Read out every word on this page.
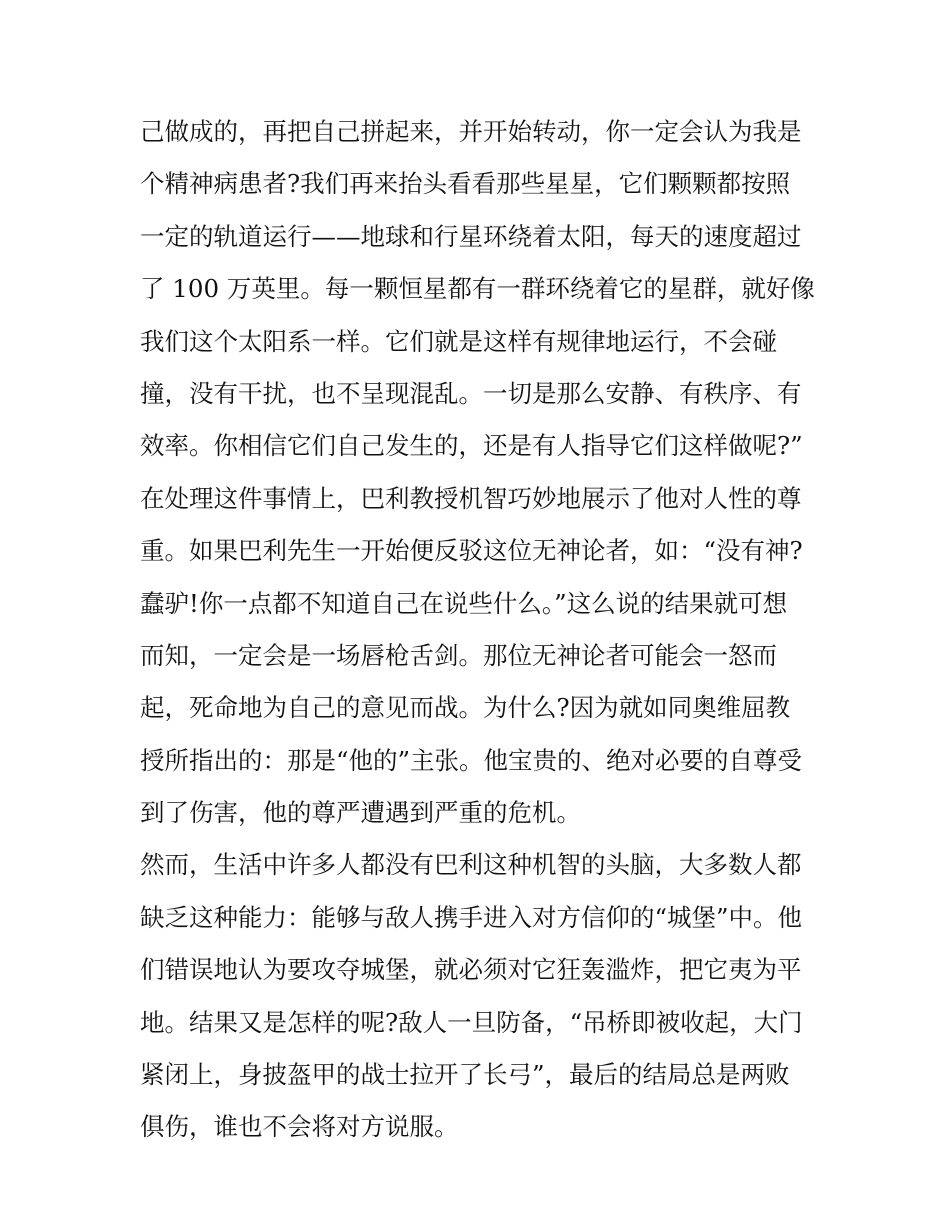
己做成的，再把自己拼起来，并开始转动，你一定会认为我是
个精神病患者?我们再来抬头看看那些星星，它们颗颗都按照
一定的轨道运行——地球和行星环绕着太阳，每天的速度超过
了 100 万英里。每一颗恒星都有一群环绕着它的星群，就好像
我们这个太阳系一样。它们就是这样有规律地运行，不会碰
撞，没有干扰，也不呈现混乱。一切是那么安静、有秩序、有
效率。你相信它们自己发生的，还是有人指导它们这样做呢?”
在处理这件事情上，巴利教授机智巧妙地展示了他对人性的尊
重。如果巴利先生一开始便反驳这位无神论者，如：“没有神?
蠢驴!你一点都不知道自己在说些什么。”这么说的结果就可想
而知，一定会是一场唇枪舌剑。那位无神论者可能会一怒而
起，死命地为自己的意见而战。为什么?因为就如同奥维屈教
授所指出的：那是“他的”主张。他宝贵的、绝对必要的自尊受
到了伤害，他的尊严遭遇到严重的危机。
然而，生活中许多人都没有巴利这种机智的头脑，大多数人都
缺乏这种能力：能够与敌人携手进入对方信仰的“城堡”中。他
们错误地认为要攻夺城堡，就必须对它狂轰滥炸，把它夷为平
地。结果又是怎样的呢?敌人一旦防备，“吊桥即被收起，大门
紧闭上，身披盔甲的战士拉开了长弓”，最后的结局总是两败
俱伤，谁也不会将对方说服。
